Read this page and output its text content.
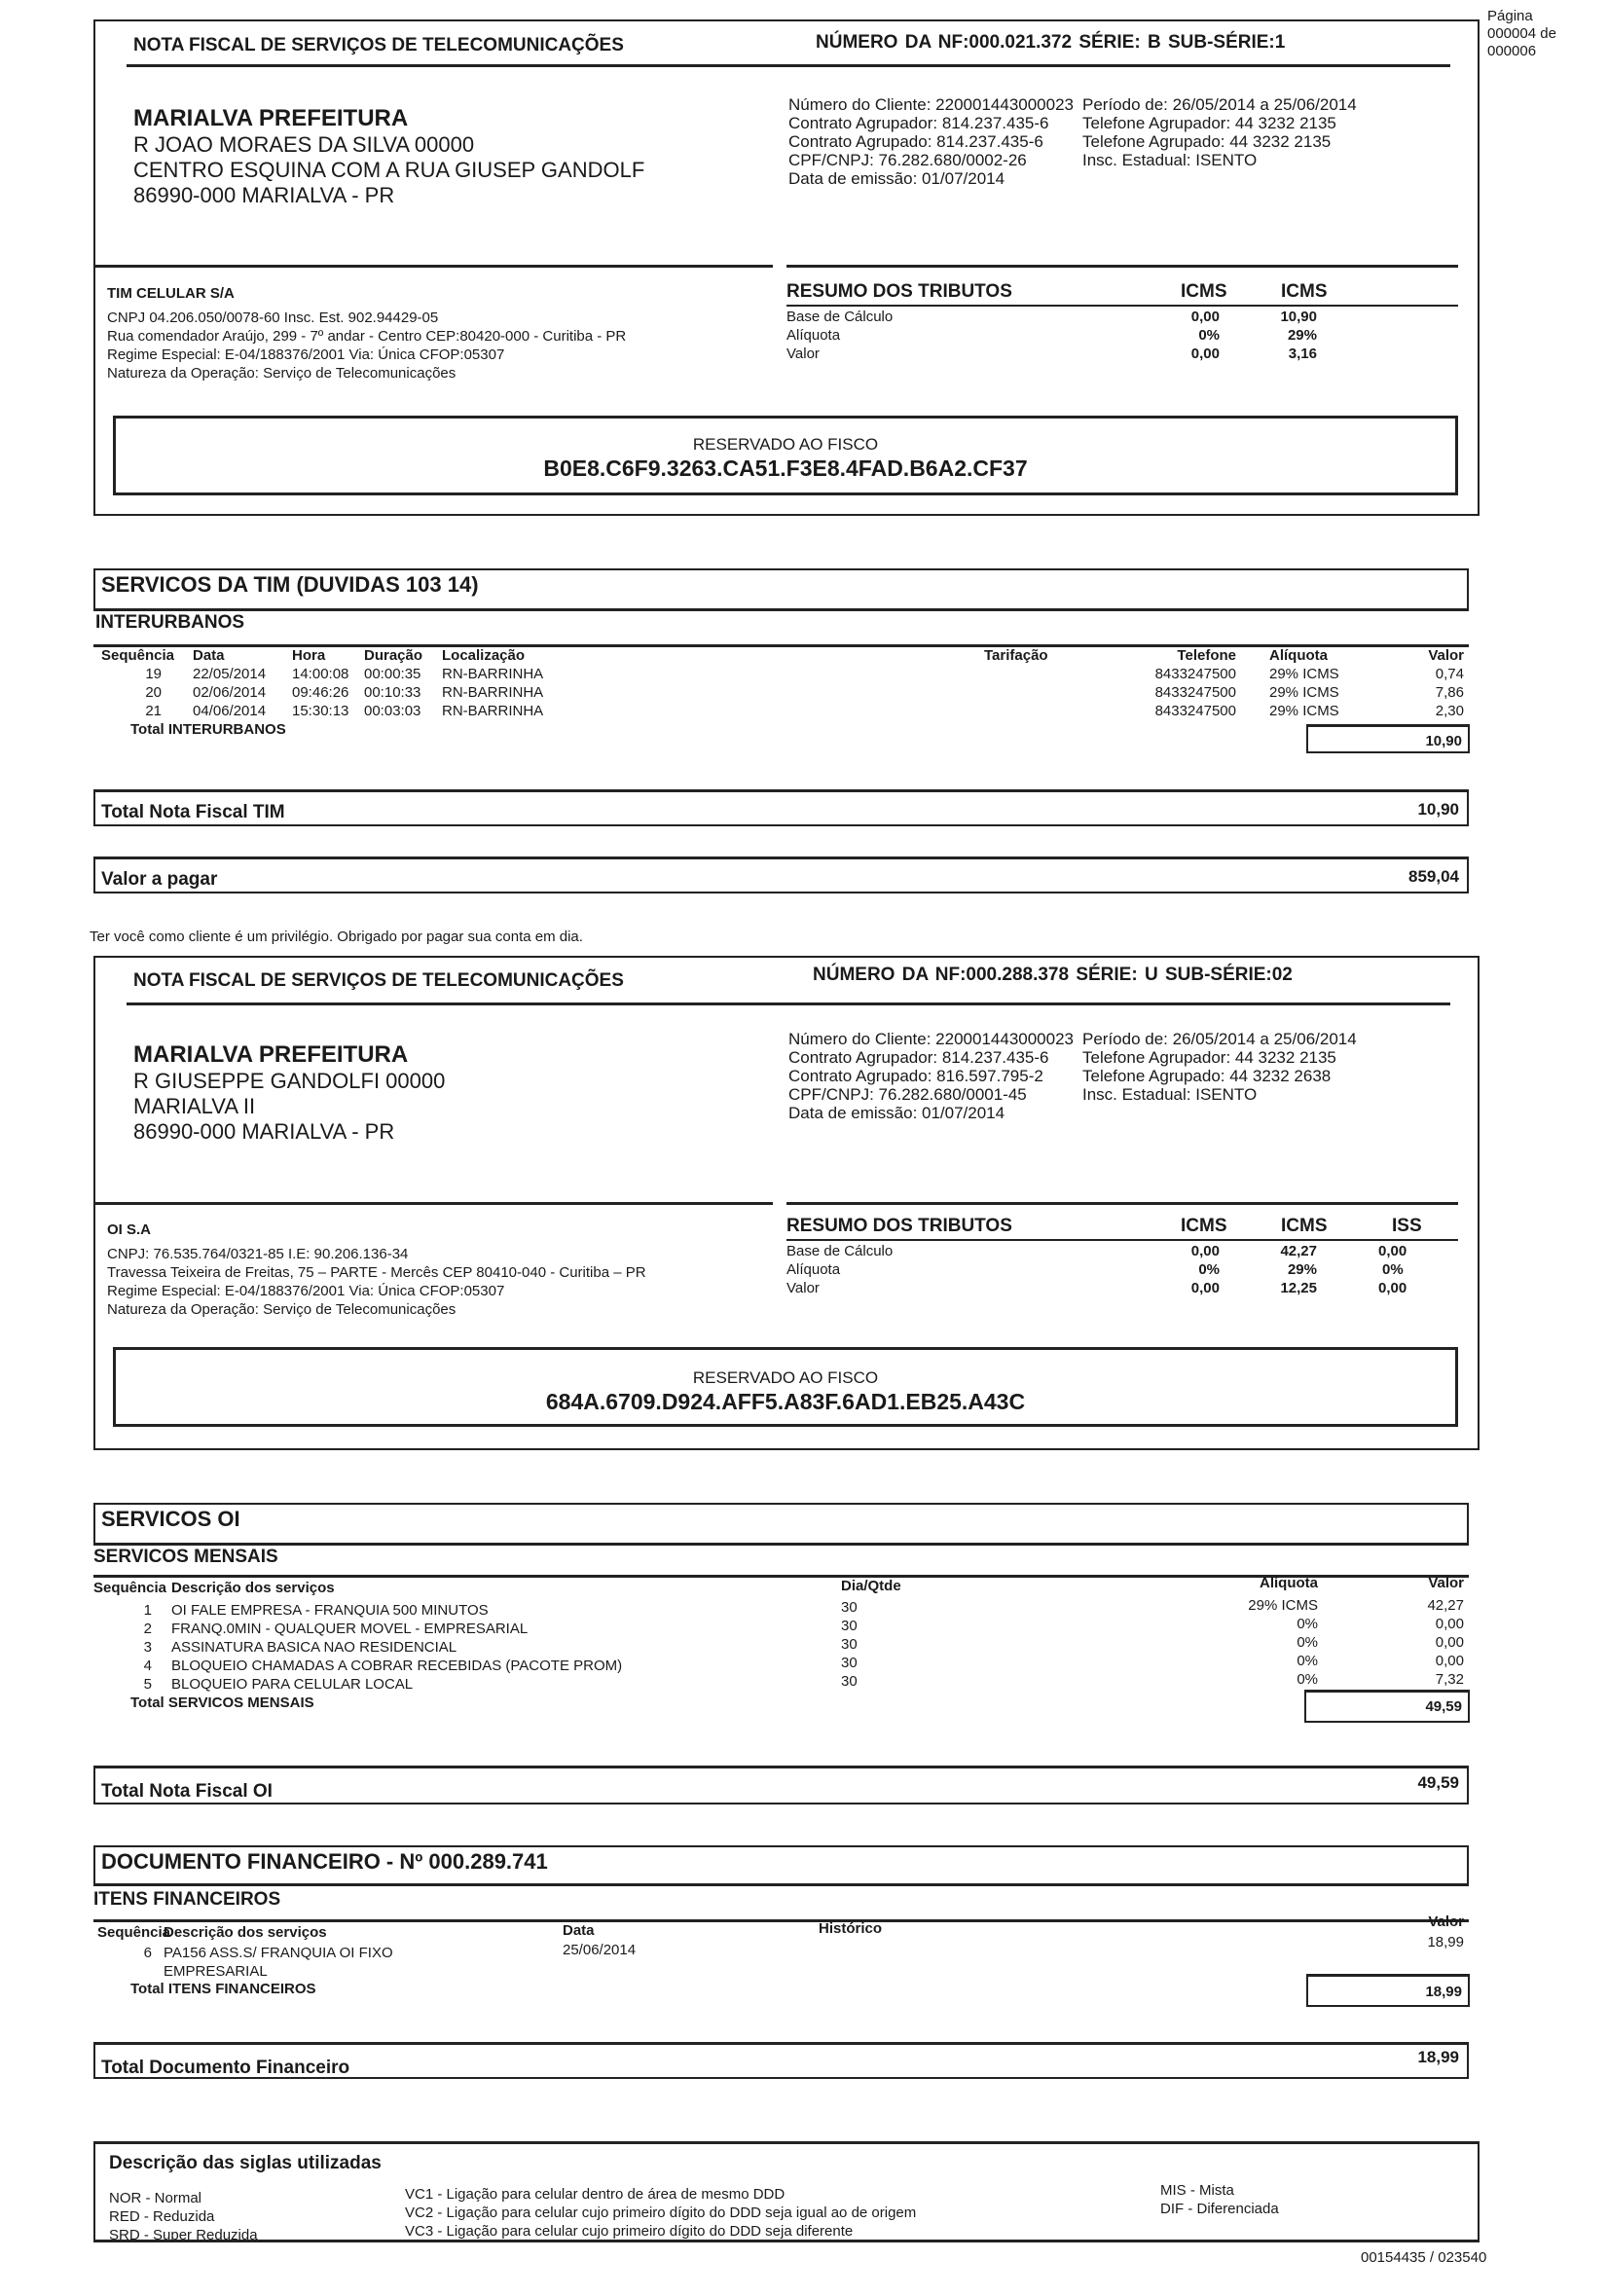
Página
000004 de
000006
NOTA FISCAL DE SERVIÇOS DE TELECOMUNICAÇÕES	NÚMERO DA NF:000.021.372 SÉRIE: B SUB-SÉRIE:1
MARIALVA PREFEITURA
R JOAO MORAES DA SILVA 00000
CENTRO ESQUINA COM A RUA GIUSEP GANDOLF
86990-000 MARIALVA - PR
Número do Cliente: 220001443000023
Contrato Agrupador: 814.237.435-6
Contrato Agrupado: 814.237.435-6
CPF/CNPJ: 76.282.680/0002-26
Data de emissão: 01/07/2014
Período de: 26/05/2014 a 25/06/2014
Telefone Agrupador: 44 3232 2135
Telefone Agrupado: 44 3232 2135
Insc. Estadual: ISENTO
TIM CELULAR S/A
CNPJ 04.206.050/0078-60 Insc. Est. 902.94429-05
Rua comendador Araújo, 299 - 7º andar - Centro CEP:80420-000 - Curitiba - PR
Regime Especial: E-04/188376/2001 Via: Única CFOP:05307
Natureza da Operação: Serviço de Telecomunicações
RESUMO DOS TRIBUTOS	ICMS	ICMS
Base de Cálculo	0,00	10,90
Alíquota	0%	29%
Valor	0,00	3,16
RESERVADO AO FISCO
B0E8.C6F9.3263.CA51.F3E8.4FAD.B6A2.CF37
SERVICOS DA TIM (DUVIDAS 103 14)
INTERURBANOS
Sequência Data	Hora	Duração Localização	Tarifação	Telefone Alíquota	Valor
19 22/05/2014 14:00:08 00:00:35 RN-BARRINHA	8433247500 29% ICMS	0,74
20 02/06/2014 09:46:26 00:10:33 RN-BARRINHA	8433247500 29% ICMS	7,86
21 04/06/2014 15:30:13 00:03:03 RN-BARRINHA	8433247500 29% ICMS	2,30
Total INTERURBANOS
10,90
Total Nota Fiscal TIM	10,90
Valor a pagar	859,04
Ter você como cliente é um privilégio. Obrigado por pagar sua conta em dia.
NOTA FISCAL DE SERVIÇOS DE TELECOMUNICAÇÕES	NÚMERO DA NF:000.288.378 SÉRIE: U SUB-SÉRIE:02
MARIALVA PREFEITURA
R GIUSEPPE GANDOLFI 00000
MARIALVA II
86990-000 MARIALVA - PR
Número do Cliente: 220001443000023
Contrato Agrupador: 814.237.435-6
Contrato Agrupado: 816.597.795-2
CPF/CNPJ: 76.282.680/0001-45
Data de emissão: 01/07/2014
Período de: 26/05/2014 a 25/06/2014
Telefone Agrupador: 44 3232 2135
Telefone Agrupado: 44 3232 2638
Insc. Estadual: ISENTO
OI S.A
CNPJ: 76.535.764/0321-85 I.E: 90.206.136-34
Travessa Teixeira de Freitas, 75 – PARTE - Mercês CEP 80410-040 - Curitiba – PR
Regime Especial: E-04/188376/2001 Via: Única CFOP:05307
Natureza da Operação: Serviço de Telecomunicações
RESUMO DOS TRIBUTOS	ICMS	ICMS	ISS
Base de Cálculo	0,00	42,27	0,00
Alíquota	0%	29%	0%
Valor	0,00	12,25	0,00
RESERVADO AO FISCO
684A.6709.D924.AFF5.A83F.6AD1.EB25.A43C
SERVICOS OI
SERVICOS MENSAIS
Sequência Descrição dos serviços	Dia/Qtde	Alíquota	Valor
1 OI FALE EMPRESA - FRANQUIA 500 MINUTOS	30	29% ICMS	42,27
2 FRANQ.0MIN - QUALQUER MOVEL - EMPRESARIAL	30	0%	0,00
3 ASSINATURA BASICA NAO RESIDENCIAL	30	0%	0,00
4 BLOQUEIO CHAMADAS A COBRAR RECEBIDAS (PACOTE PROM)	30	0%	0,00
5 BLOQUEIO PARA CELULAR LOCAL	30	0%	7,32
Total SERVICOS MENSAIS	49,59
Total Nota Fiscal OI	49,59
DOCUMENTO FINANCEIRO - Nº 000.289.741
ITENS FINANCEIROS
Sequência
Descrição dos serviços	Data	Histórico	Valor
6 PA156 ASS.S/ FRANQUIA OI FIXO
EMPRESARIAL
25/06/2014	18,99
Total ITENS FINANCEIROS	18,99
Total Documento Financeiro
18,99
Descrição das siglas utilizadas
NOR - Normal
RED - Reduzida
SRD - Super Reduzida
VC1 - Ligação para celular dentro de área de mesmo DDD
VC2 - Ligação para celular cujo primeiro dígito do DDD seja igual ao de origem
VC3 - Ligação para celular cujo primeiro dígito do DDD seja diferente
MIS - Mista
DIF - Diferenciada
00154435 / 023540
